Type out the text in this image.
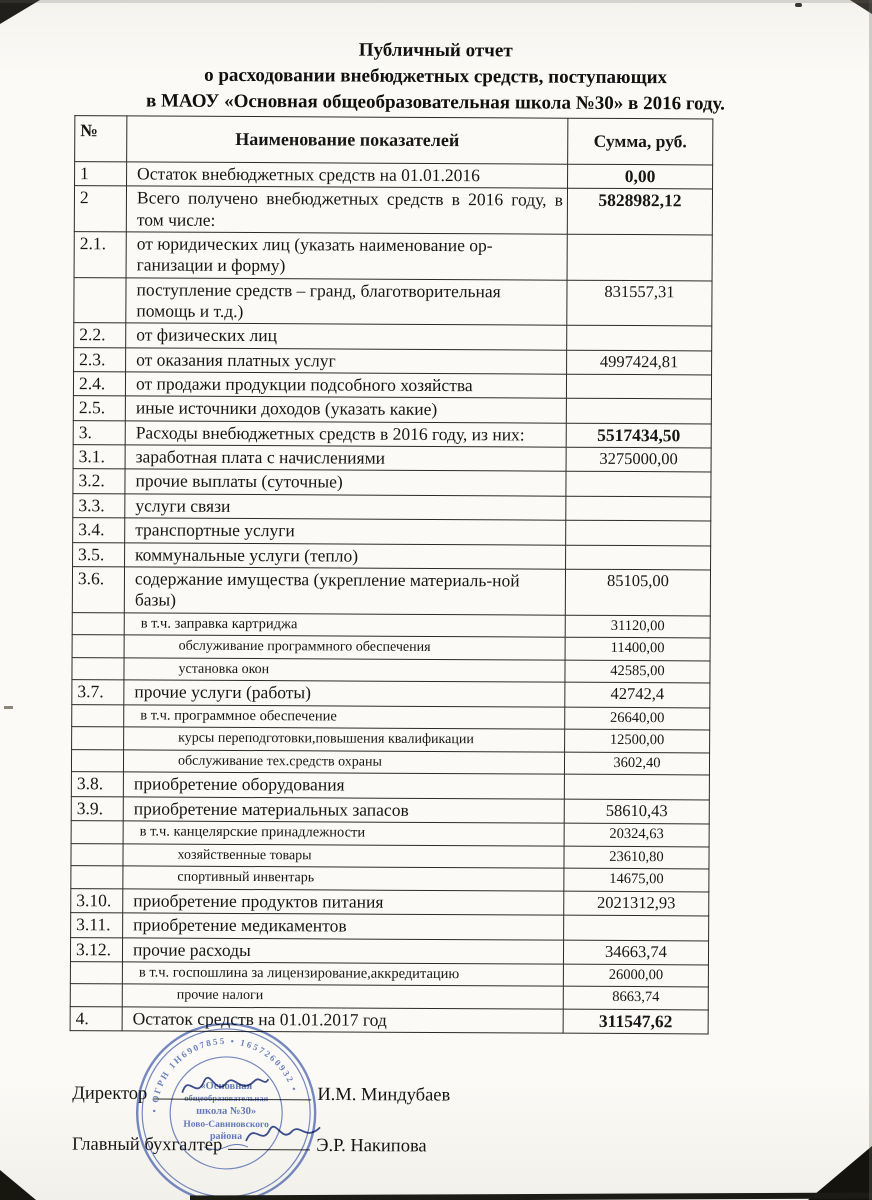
Публичный отчет
о расходовании внебюджетных средств, поступающих
в МАОУ «Основная общеобразовательная школа №30» в 2016 году.
№	Наименование показателей	Сумма, руб.
1	Остаток внебюджетных средств на 01.01.2016	0,00
2	Всего получено внебюджетных средств в 2016 году, в том числе:	5828982,12
2.1.	от юридических лиц (указать наименование ор-ганизации и форму)	
	поступление средств – гранд, благотворительная помощь и т.д.)	831557,31
2.2.	от физических лиц	
2.3.	от оказания платных услуг	4997424,81
2.4.	от продажи продукции подсобного хозяйства	
2.5.	иные источники доходов (указать какие)	
3.	Расходы внебюджетных средств в 2016 году, из них:	5517434,50
3.1.	заработная плата с начислениями	3275000,00
3.2.	прочие выплаты (суточные)	
3.3.	услуги связи	
3.4.	транспортные услуги	
3.5.	коммунальные услуги (тепло)	
3.6.	содержание имущества (укрепление материаль-ной базы)	85105,00
	в т.ч. заправка картриджа	31120,00
	обслуживание программного обеспечения	11400,00
	установка окон	42585,00
3.7.	прочие услуги (работы)	42742,4
	в т.ч. программное обеспечение	26640,00
	курсы переподготовки,повышения квалификации	12500,00
	обслуживание тех.средств охраны	3602,40
3.8.	приобретение оборудования	
3.9.	приобретение материальных запасов	58610,43
	в т.ч. канцелярские принадлежности	20324,63
	хозяйственные товары	23610,80
	спортивный инвентарь	14675,00
3.10.	приобретение продуктов питания	2021312,93
3.11.	приобретение медикаментов	
3.12.	прочие расходы	34663,74
	в т.ч. госпошлина за лицензирование,аккредитацию	26000,00
	прочие налоги	8663,74
4.	Остаток средств на 01.01.2017 год	311547,62
Директор	И.М. Миндубаев
Главный бухгалтер	Э.Р. Накипова
• ОГРН 1Н6907855 • 1657260932 •
«Основная
общеобразовательная
школа №30»
Ново-Савиновского
района
